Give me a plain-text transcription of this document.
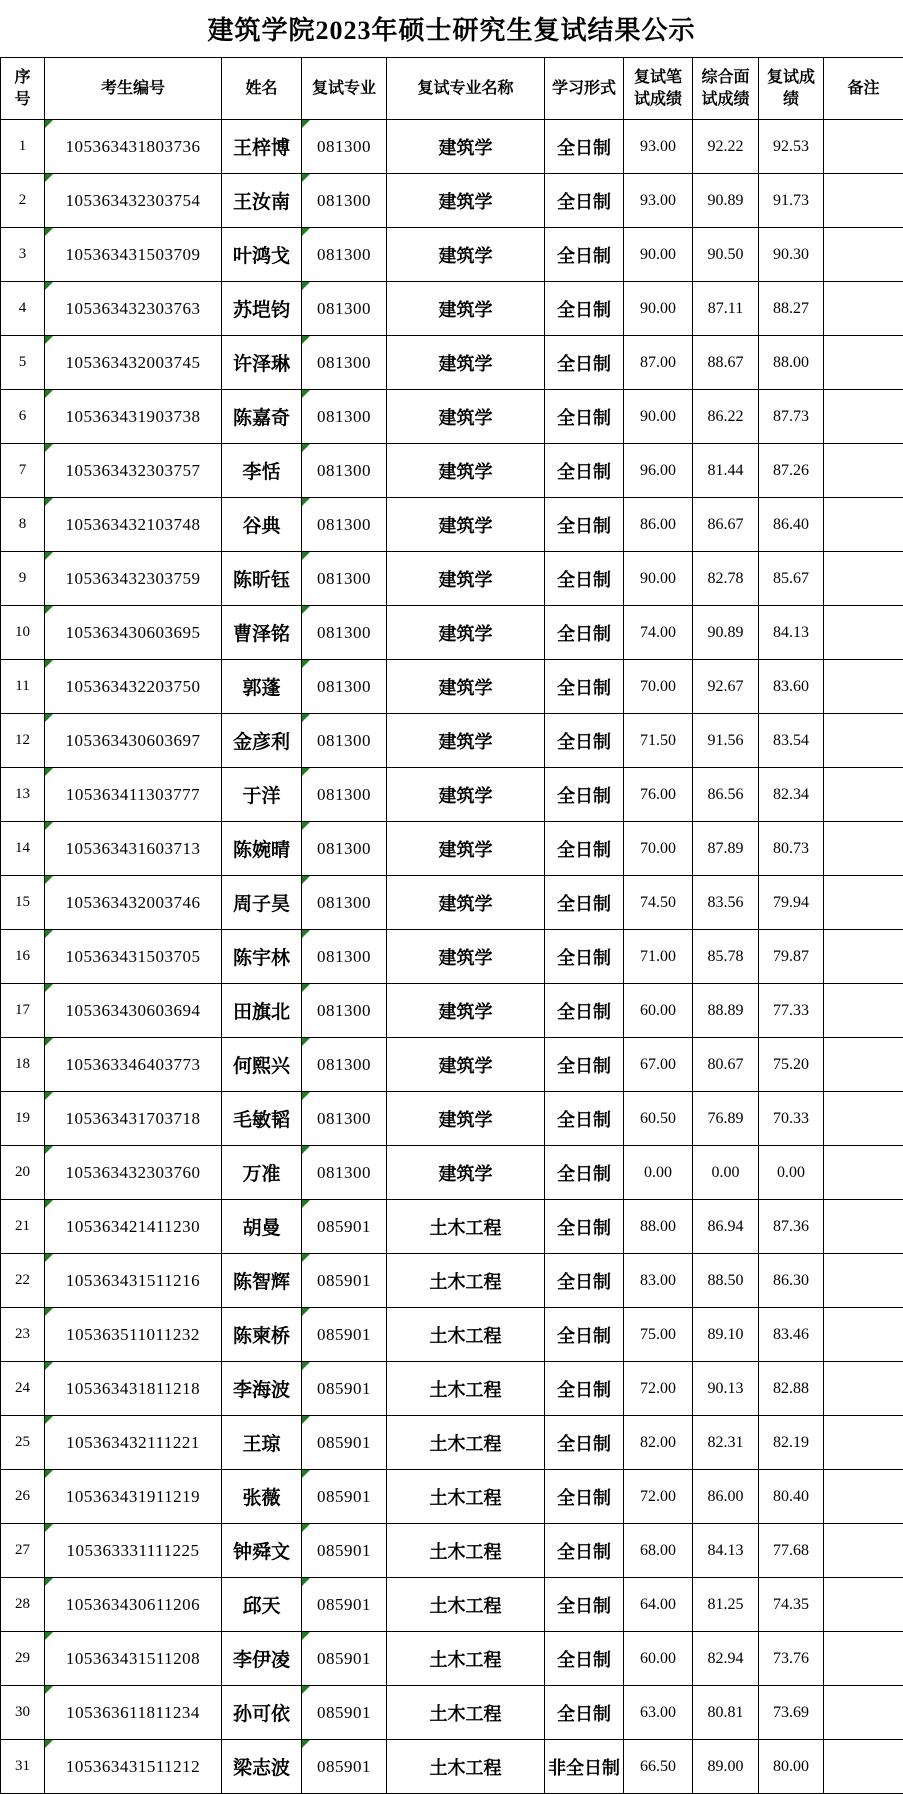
建筑学院2023年硕士研究生复试结果公示
序号	考生编号	姓名	复试专业	复试专业名称	学习形式	复试笔试成绩	综合面试成绩	复试成绩	备注
1	105363431803736	王梓博	081300	建筑学	全日制	93.00	92.22	92.53	
2	105363432303754	王汝南	081300	建筑学	全日制	93.00	90.89	91.73	
3	105363431503709	叶鸿戈	081300	建筑学	全日制	90.00	90.50	90.30	
4	105363432303763	苏垲钧	081300	建筑学	全日制	90.00	87.11	88.27	
5	105363432003745	许泽琳	081300	建筑学	全日制	87.00	88.67	88.00	
6	105363431903738	陈嘉奇	081300	建筑学	全日制	90.00	86.22	87.73	
7	105363432303757	李恬	081300	建筑学	全日制	96.00	81.44	87.26	
8	105363432103748	谷典	081300	建筑学	全日制	86.00	86.67	86.40	
9	105363432303759	陈昕钰	081300	建筑学	全日制	90.00	82.78	85.67	
10	105363430603695	曹泽铭	081300	建筑学	全日制	74.00	90.89	84.13	
11	105363432203750	郭蓬	081300	建筑学	全日制	70.00	92.67	83.60	
12	105363430603697	金彦利	081300	建筑学	全日制	71.50	91.56	83.54	
13	105363411303777	于洋	081300	建筑学	全日制	76.00	86.56	82.34	
14	105363431603713	陈婉晴	081300	建筑学	全日制	70.00	87.89	80.73	
15	105363432003746	周子昊	081300	建筑学	全日制	74.50	83.56	79.94	
16	105363431503705	陈宇林	081300	建筑学	全日制	71.00	85.78	79.87	
17	105363430603694	田旗北	081300	建筑学	全日制	60.00	88.89	77.33	
18	105363346403773	何熙兴	081300	建筑学	全日制	67.00	80.67	75.20	
19	105363431703718	毛敏韬	081300	建筑学	全日制	60.50	76.89	70.33	
20	105363432303760	万准	081300	建筑学	全日制	0.00	0.00	0.00	
21	105363421411230	胡曼	085901	土木工程	全日制	88.00	86.94	87.36	
22	105363431511216	陈智辉	085901	土木工程	全日制	83.00	88.50	86.30	
23	105363511011232	陈柬桥	085901	土木工程	全日制	75.00	89.10	83.46	
24	105363431811218	李海波	085901	土木工程	全日制	72.00	90.13	82.88	
25	105363432111221	王琼	085901	土木工程	全日制	82.00	82.31	82.19	
26	105363431911219	张薇	085901	土木工程	全日制	72.00	86.00	80.40	
27	105363331111225	钟舜文	085901	土木工程	全日制	68.00	84.13	77.68	
28	105363430611206	邱天	085901	土木工程	全日制	64.00	81.25	74.35	
29	105363431511208	李伊凌	085901	土木工程	全日制	60.00	82.94	73.76	
30	105363611811234	孙可依	085901	土木工程	全日制	63.00	80.81	73.69	
31	105363431511212	梁志波	085901	土木工程	非全日制	66.50	89.00	80.00	
